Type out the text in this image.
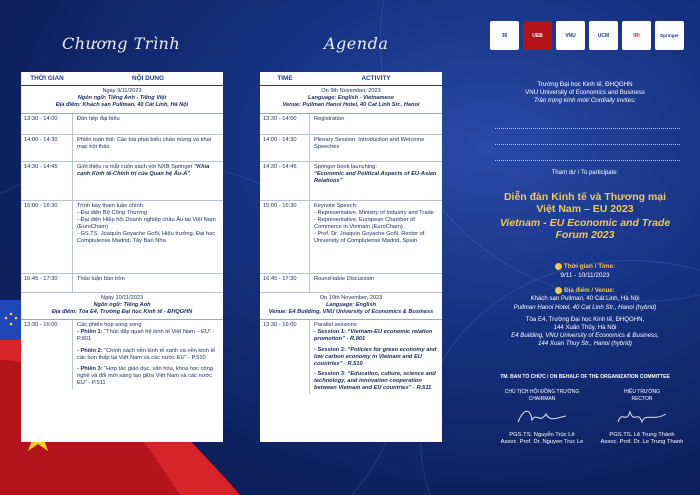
Chương Trình
THỜI GIAN	NỘI DUNG
Ngày 9/11/2023
Ngôn ngữ: Tiếng Anh - Tiếng Việt
Địa điểm: Khách sạn Pullman, 40 Cát Linh, Hà Nội
13:30 - 14:00	Đón tiếp đại biểu
14:00 - 14:30	Phiên toàn thể: Các bài phát biểu chào mừng và khai mạc hội thảo
14:30 - 14:45	Giới thiệu ra mắt cuốn sách với NXB Springer “Khía cạnh Kinh tế-Chính trị của Quan hệ Âu-Á”
15:00 - 16:30	Trình bày tham luận chính:

- Đại diện Bộ Công Thương

- Đại diện Hiệp hội Doanh nghiệp châu Âu tại Việt Nam (EuroCham)

- GS.TS. Joaquín Goyache Goñi, Hiệu trưởng, Đại học Complutense Madrid, Tây Ban Nha

16:45 - 17:30	Thảo luận bàn tròn
Ngày 10/11/2023
Ngôn ngữ: Tiếng Anh
Địa điểm: Tòa E4, Trường Đại học Kinh tế - ĐHQGHN
13:30 - 16:00	Các phiên họp song song

- Phiên 1: “Thúc đẩy quan hệ kinh tế Việt Nam – EU” - P.801

- Phiên 2: “Chính sách nền kinh tế xanh và nền kinh tế các bon thấp tại Việt Nam và các nước EU” - P.510

- Phiên 3: “Hợp tác giáo dục, văn hóa, khoa học công nghệ và đổi mới sáng tạo giữa Việt Nam và các nước EU” - P.511

Agenda
TIME	ACTIVITY
On 9th November, 2023
Language: English - Vietnamese
Venue: Pullman Hanoi Hotel, 40 Cat Linh Str., Hanoi
13:30 - 14:00	Registration
14:00 - 14:30	Plenary Session: Introduction and Welcome Speeches
14:30 - 14:45	Springer book launching:

“Economic and Political Aspects of EU-Asian Relations”

15:00 - 16:30	Keynote Speech:

- Representative, Ministry of Industry and Trade

- Representative, European Chamber of Commerce in Vietnam (EuroCham)

- Prof. Dr. Joaquín Goyache Goñi, Rector of University of Complutense Madrid, Spain

16:45 - 17:30	Round-table Discussion
On 10th November, 2023
Language: English
Venue: E4 Building, VNU University of Economics & Business
13:30 - 16:00	Parallel sessions

- Session 1: “Vietnam-EU economic relation promotion” - R.801

- Session 2: “Policies for green economy and low carbon economy in Vietnam and EU countries” - R.510

- Session 3: “Education, culture, science and technology, and innovation cooperation between Vietnam and EU countries” - R.511

30	UEB	VNU	UCM	IRI	Springer
Trường Đại học Kinh tế, ĐHQGHN
VNU University of Economics and Business
Trân trọng kính mời/ Cordially invites:
Tham dự / To participate:
Diễn đàn Kinh tế và Thương mại
Việt Nam – EU 2023
Vietnam - EU Economic and Trade
Forum 2023
Thời gian / Time:
9/11 - 10/11/2023
Địa điểm / Venue:
Khách sạn Pullman, 40 Cát Linh, Hà Nội
Pullman Hanoi Hotel, 40 Cat Linh Str., Hanoi (hybrid)
Tòa E4, Trường Đại học Kinh tế, ĐHQGHN,
144 Xuân Thủy, Hà Nội
E4 Building, VNU University of Economics & Business,
144 Xuan Thuy Str., Hanoi (hybrid)
TM. BAN TỔ CHỨC / ON BEHALF OF THE ORGANIZATION COMMITTEE
CHỦ TỊCH HỘI ĐỒNG TRƯỜNG
CHAIRMAN
PGS.TS. Nguyễn Trúc Lê
Assoc. Prof. Dr. Nguyen Truc Le
HIỆU TRƯỞNG
RECTOR
PGS.TS. Lê Trung Thành
Assoc. Prof. Dr. Le Trung Thanh
